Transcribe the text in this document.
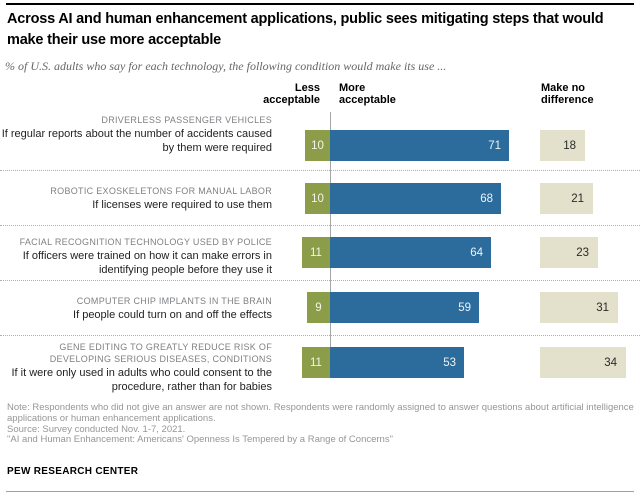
Across AI and human enhancement applications, public sees mitigating steps that would make their use more acceptable
% of U.S. adults who say for each technology, the following condition would make its use ...
Less acceptable
More acceptable
Make no difference
DRIVERLESS PASSENGER VEHICLES
If regular reports about the number of accidents caused by them were required	10	71	18
ROBOTIC EXOSKELETONS FOR MANUAL LABOR
If licenses were required to use them
10	68	21
FACIAL RECOGNITION TECHNOLOGY USED BY POLICE
If officers were trained on how it can make errors in identifying people before they use it
11	64	23
COMPUTER CHIP IMPLANTS IN THE BRAIN
If people could turn on and off the effects
9	59	31
GENE EDITING TO GREATLY REDUCE RISK OF DEVELOPING SERIOUS DISEASES, CONDITIONS
If it were only used in adults who could consent to the procedure, rather than for babies
11	53	34
Note: Respondents who did not give an answer are not shown. Respondents were randomly assigned to answer questions about artificial intelligence applications or human enhancement applications.
Source: Survey conducted Nov. 1-7, 2021.
"AI and Human Enhancement: Americans' Openness Is Tempered by a Range of Concerns"
PEW RESEARCH CENTER
